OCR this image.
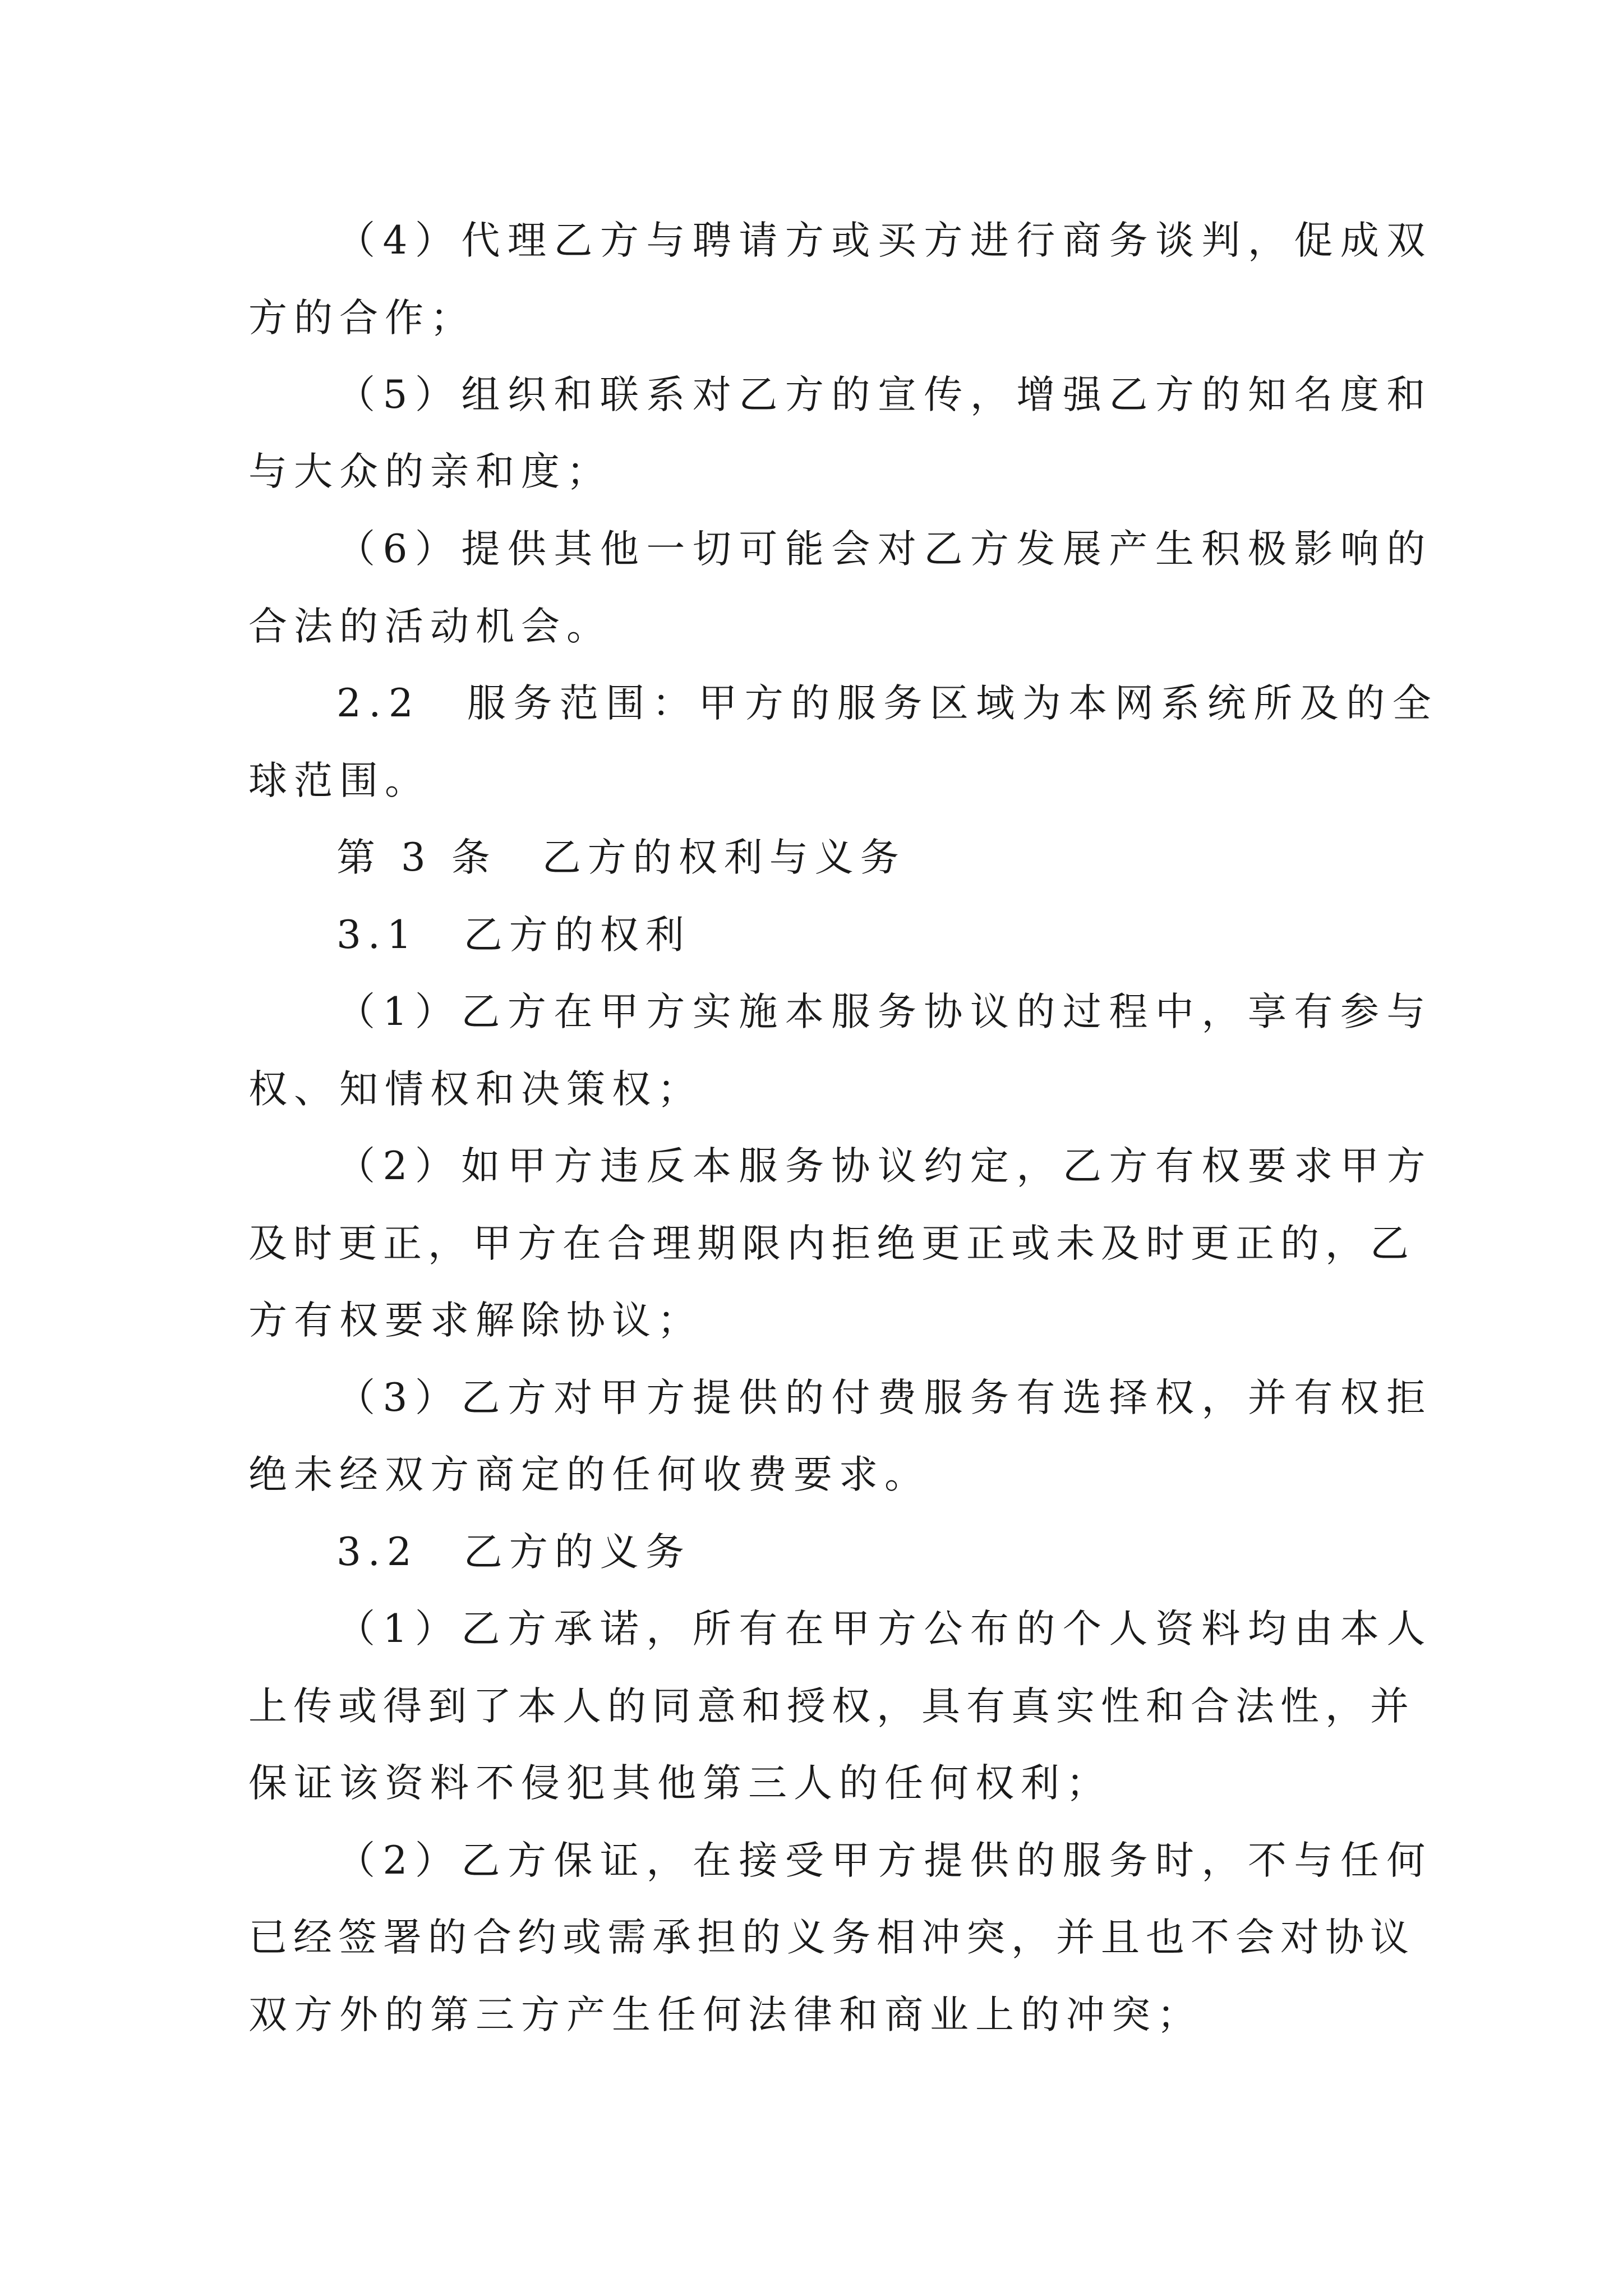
（4）代理乙方与聘请方或买方进行商务谈判，促成双

方的合作；

（5）组织和联系对乙方的宣传，增强乙方的知名度和

与大众的亲和度；

（6）提供其他一切可能会对乙方发展产生积极影响的

合法的活动机会。

2.2　服务范围：甲方的服务区域为本网系统所及的全

球范围。

第 3 条　乙方的权利与义务

3.1　乙方的权利

（1）乙方在甲方实施本服务协议的过程中，享有参与

权、知情权和决策权；

（2）如甲方违反本服务协议约定，乙方有权要求甲方

及时更正，甲方在合理期限内拒绝更正或未及时更正的，乙

方有权要求解除协议；

（3）乙方对甲方提供的付费服务有选择权，并有权拒

绝未经双方商定的任何收费要求。

3.2　乙方的义务

（1）乙方承诺，所有在甲方公布的个人资料均由本人

上传或得到了本人的同意和授权，具有真实性和合法性，并

保证该资料不侵犯其他第三人的任何权利；

（2）乙方保证，在接受甲方提供的服务时，不与任何

已经签署的合约或需承担的义务相冲突，并且也不会对协议

双方外的第三方产生任何法律和商业上的冲突；
